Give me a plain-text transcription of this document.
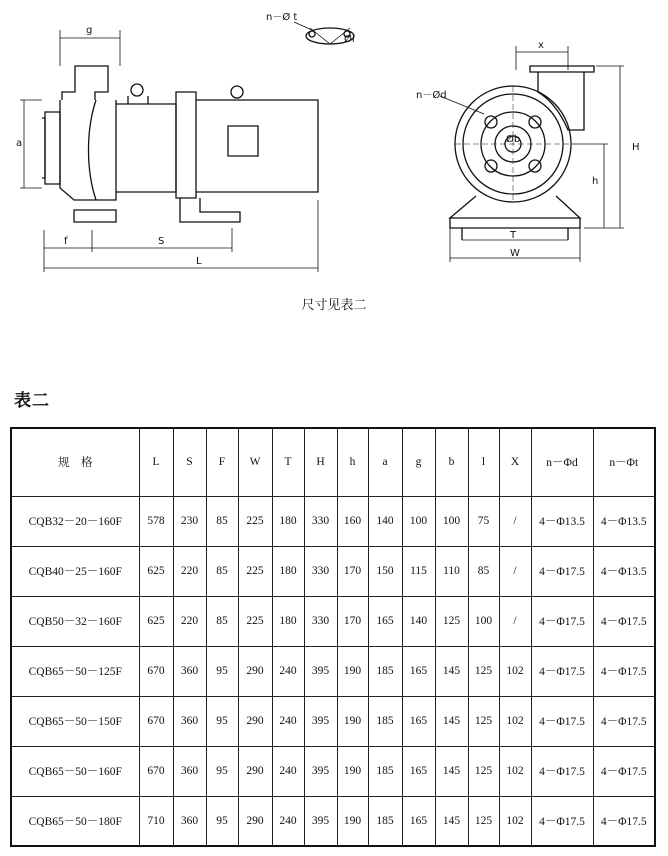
g
a
f	S
L
n－Ø t
Øi
x
H
h
T
W
n－Ød
Øb
尺寸见表二
表二
规　格	L	S	F	W	T	H	h	a	g	b	l	X	n－Φd	n－Φt
CQB32－20－160F	578	230	85	225	180	330	160	140	100	100	75	/	4－Φ13.5	4－Φ13.5
CQB40－25－160F	625	220	85	225	180	330	170	150	115	110	85	/	4－Φ17.5	4－Φ13.5
CQB50－32－160F	625	220	85	225	180	330	170	165	140	125	100	/	4－Φ17.5	4－Φ17.5
CQB65－50－125F	670	360	95	290	240	395	190	185	165	145	125	102	4－Φ17.5	4－Φ17.5
CQB65－50－150F	670	360	95	290	240	395	190	185	165	145	125	102	4－Φ17.5	4－Φ17.5
CQB65－50－160F	670	360	95	290	240	395	190	185	165	145	125	102	4－Φ17.5	4－Φ17.5
CQB65－50－180F	710	360	95	290	240	395	190	185	165	145	125	102	4－Φ17.5	4－Φ17.5
